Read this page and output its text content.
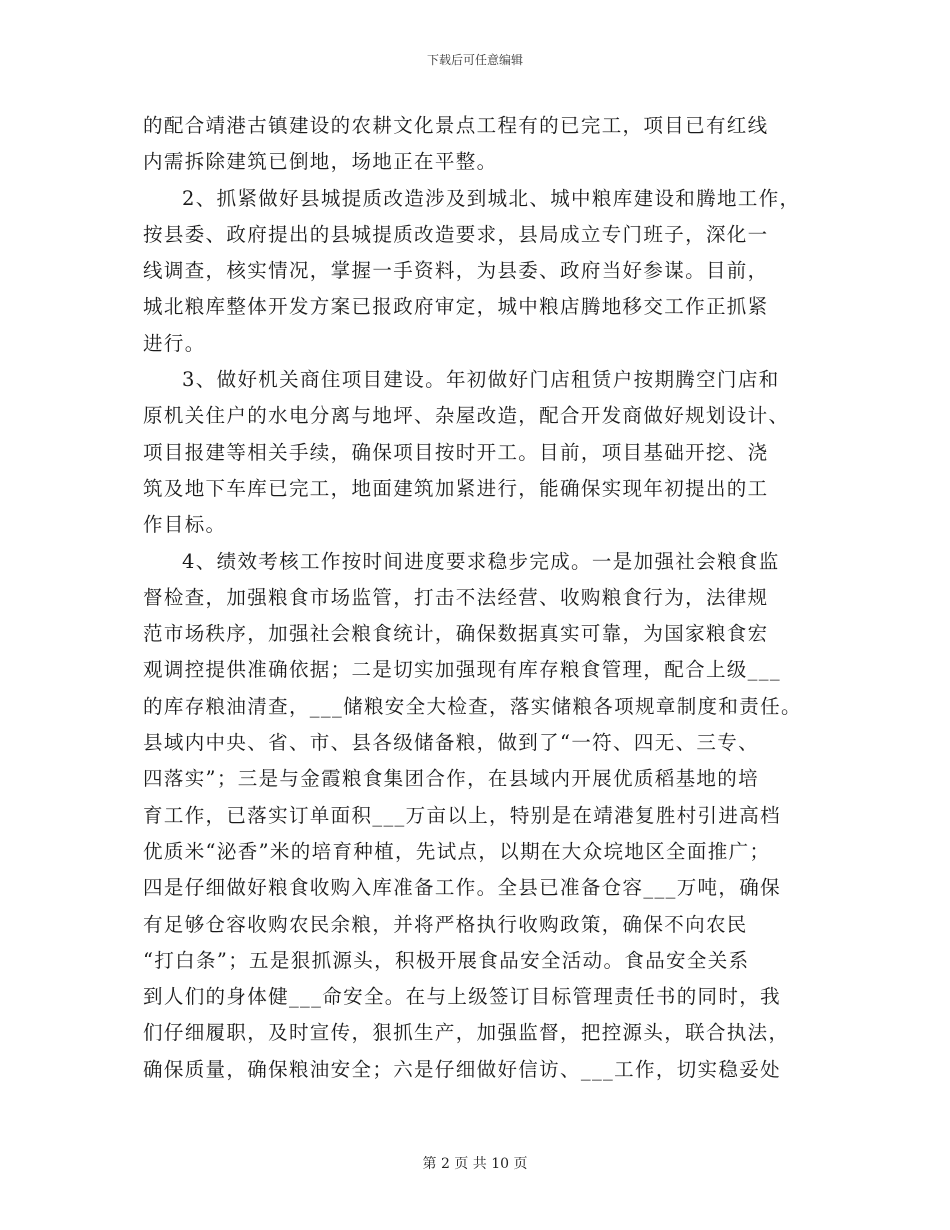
下载后可任意编辑
的配合靖港古镇建设的农耕文化景点工程有的已完工，项目已有红线
内需拆除建筑已倒地，场地正在平整。
2、抓紧做好县城提质改造涉及到城北、城中粮库建设和腾地工作，
按县委、政府提出的县城提质改造要求，县局成立专门班子，深化一
线调查，核实情况，掌握一手资料，为县委、政府当好参谋。目前，
城北粮库整体开发方案已报政府审定，城中粮店腾地移交工作正抓紧
进行。
3、做好机关商住项目建设。年初做好门店租赁户按期腾空门店和
原机关住户的水电分离与地坪、杂屋改造，配合开发商做好规划设计、
项目报建等相关手续，确保项目按时开工。目前，项目基础开挖、浇
筑及地下车库已完工，地面建筑加紧进行，能确保实现年初提出的工
作目标。
4、绩效考核工作按时间进度要求稳步完成。一是加强社会粮食监
督检查，加强粮食市场监管，打击不法经营、收购粮食行为，法律规
范市场秩序，加强社会粮食统计，确保数据真实可靠，为国家粮食宏
观调控提供准确依据；二是切实加强现有库存粮食管理，配合上级___
的库存粮油清查，___储粮安全大检查，落实储粮各项规章制度和责任。
县域内中央、省、市、县各级储备粮，做到了“一符、四无、三专、
四落实”；三是与金霞粮食集团合作，在县域内开展优质稻基地的培
育工作，已落实订单面积___万亩以上，特别是在靖港复胜村引进高档
优质米“泌香”米的培育种植，先试点，以期在大众垸地区全面推广；
四是仔细做好粮食收购入库准备工作。全县已准备仓容___万吨，确保
有足够仓容收购农民余粮，并将严格执行收购政策，确保不向农民
“打白条”；五是狠抓源头，积极开展食品安全活动。食品安全关系
到人们的身体健___命安全。在与上级签订目标管理责任书的同时，我
们仔细履职，及时宣传，狠抓生产，加强监督，把控源头，联合执法，
确保质量，确保粮油安全；六是仔细做好信访、___工作，切实稳妥处
第 2 页 共 10 页
